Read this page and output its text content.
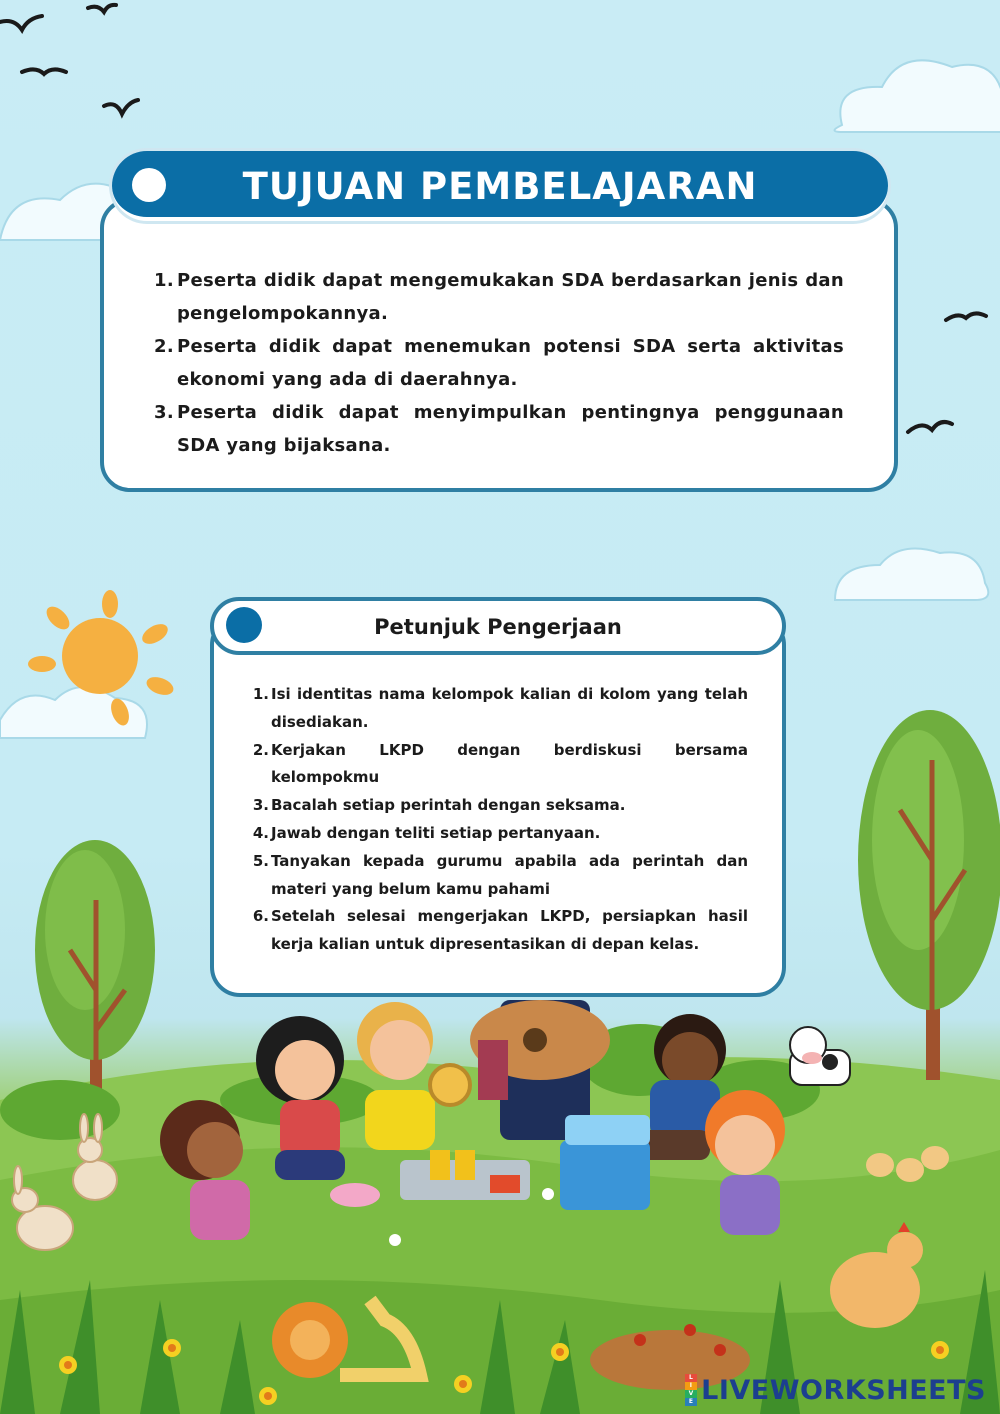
1. Peserta didik dapat mengemukakan SDA berdasarkan jenis dan pengelompokannya.
2. Peserta didik dapat menemukan potensi SDA serta aktivitas ekonomi yang ada di daerahnya.
3. Peserta didik dapat menyimpulkan pentingnya penggunaan SDA yang bijaksana.
TUJUAN PEMBELAJARAN
1. Isi identitas nama kelompok kalian di kolom yang telah disediakan.
2. Kerjakan LKPD dengan berdiskusi bersama kelompokmu
3. Bacalah setiap perintah dengan seksama.
4. Jawab dengan teliti setiap pertanyaan.
5. Tanyakan kepada gurumu apabila ada perintah dan materi yang belum kamu pahami
6. Setelah selesai mengerjakan LKPD, persiapkan hasil kerja kalian untuk dipresentasikan di depan kelas.
Petunjuk Pengerjaan
L
I
V
E LIVEWORKSHEETS
